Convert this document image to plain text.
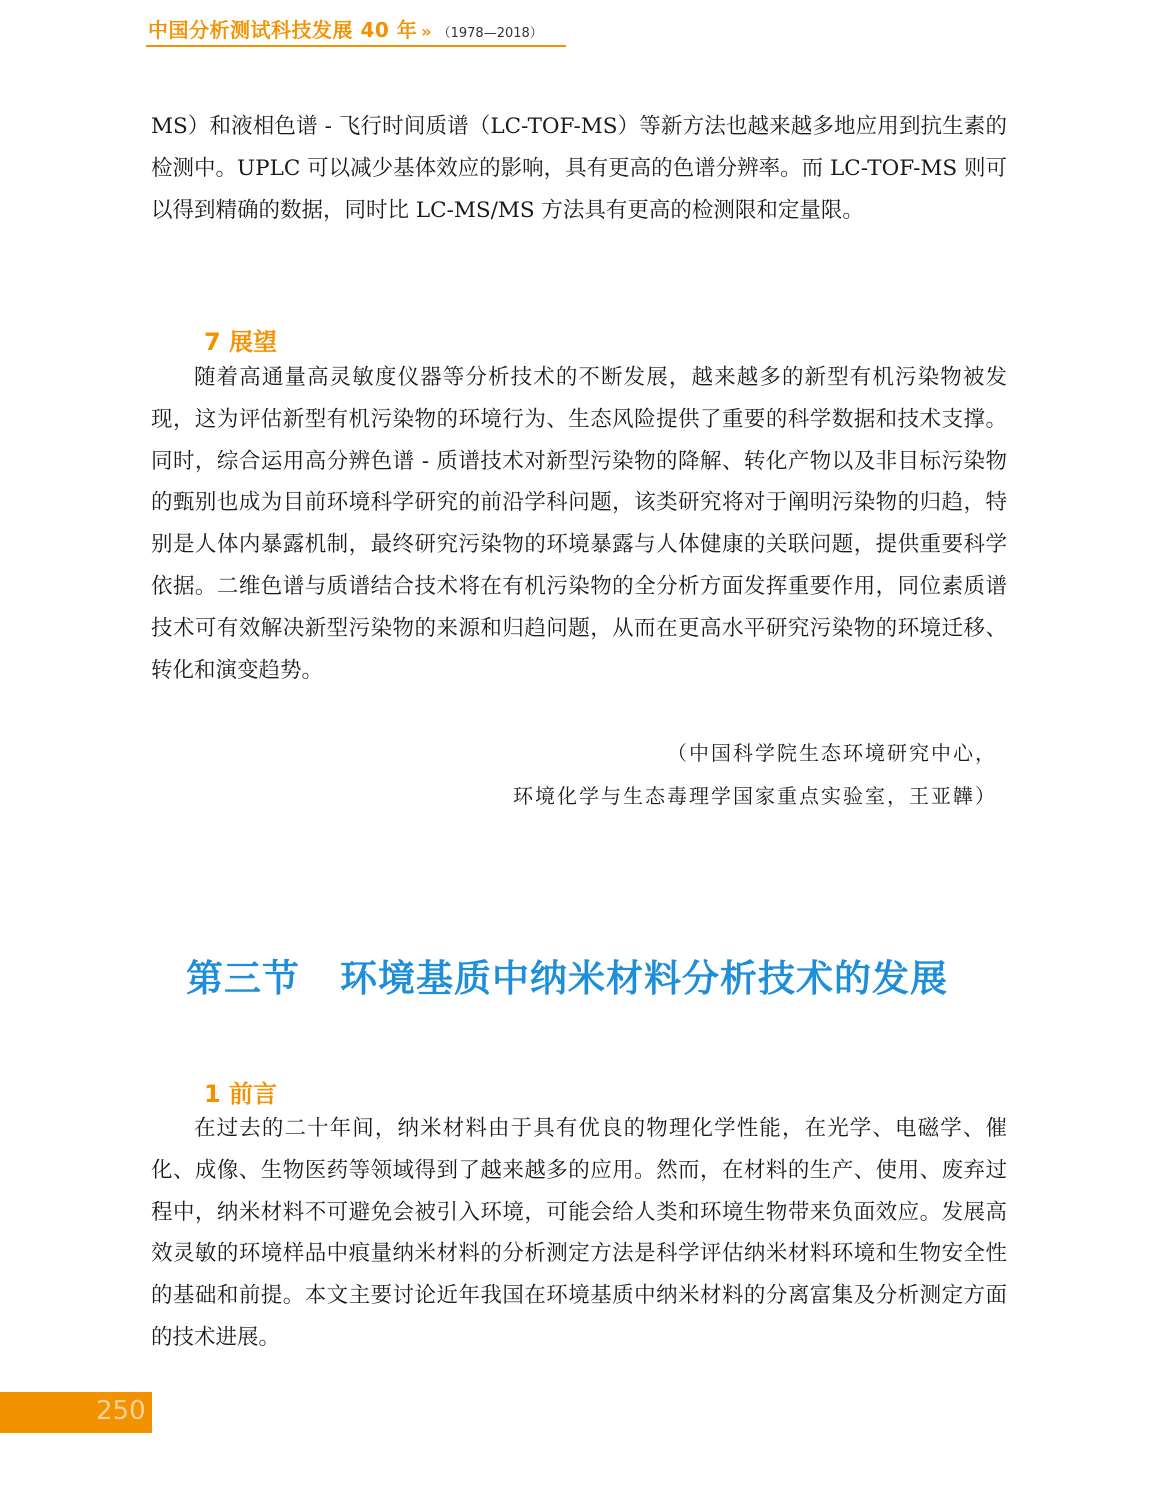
中国分析测试科技发展 40 年 » （1978—2018）

MS）和液相色谱 - 飞行时间质谱（LC-TOF-MS）等新方法也越来越多地应用到抗生素的检测中。UPLC 可以减少基体效应的影响，具有更高的色谱分辨率。而 LC-TOF-MS 则可以得到精确的数据，同时比 LC-MS/MS 方法具有更高的检测限和定量限。

7 展望

随着高通量高灵敏度仪器等分析技术的不断发展，越来越多的新型有机污染物被发现，这为评估新型有机污染物的环境行为、生态风险提供了重要的科学数据和技术支撑。同时，综合运用高分辨色谱 - 质谱技术对新型污染物的降解、转化产物以及非目标污染物的甄别也成为目前环境科学研究的前沿学科问题，该类研究将对于阐明污染物的归趋，特别是人体内暴露机制，最终研究污染物的环境暴露与人体健康的关联问题，提供重要科学依据。二维色谱与质谱结合技术将在有机污染物的全分析方面发挥重要作用，同位素质谱技术可有效解决新型污染物的来源和归趋问题，从而在更高水平研究污染物的环境迁移、转化和演变趋势。

（中国科学院生态环境研究中心，
环境化学与生态毒理学国家重点实验室，王亚韡）
第三节 环境基质中纳米材料分析技术的发展
1 前言

在过去的二十年间，纳米材料由于具有优良的物理化学性能，在光学、电磁学、催化、成像、生物医药等领域得到了越来越多的应用。然而，在材料的生产、使用、废弃过程中，纳米材料不可避免会被引入环境，可能会给人类和环境生物带来负面效应。发展高效灵敏的环境样品中痕量纳米材料的分析测定方法是科学评估纳米材料环境和生物安全性的基础和前提。本文主要讨论近年我国在环境基质中纳米材料的分离富集及分析测定方面的技术进展。

250
